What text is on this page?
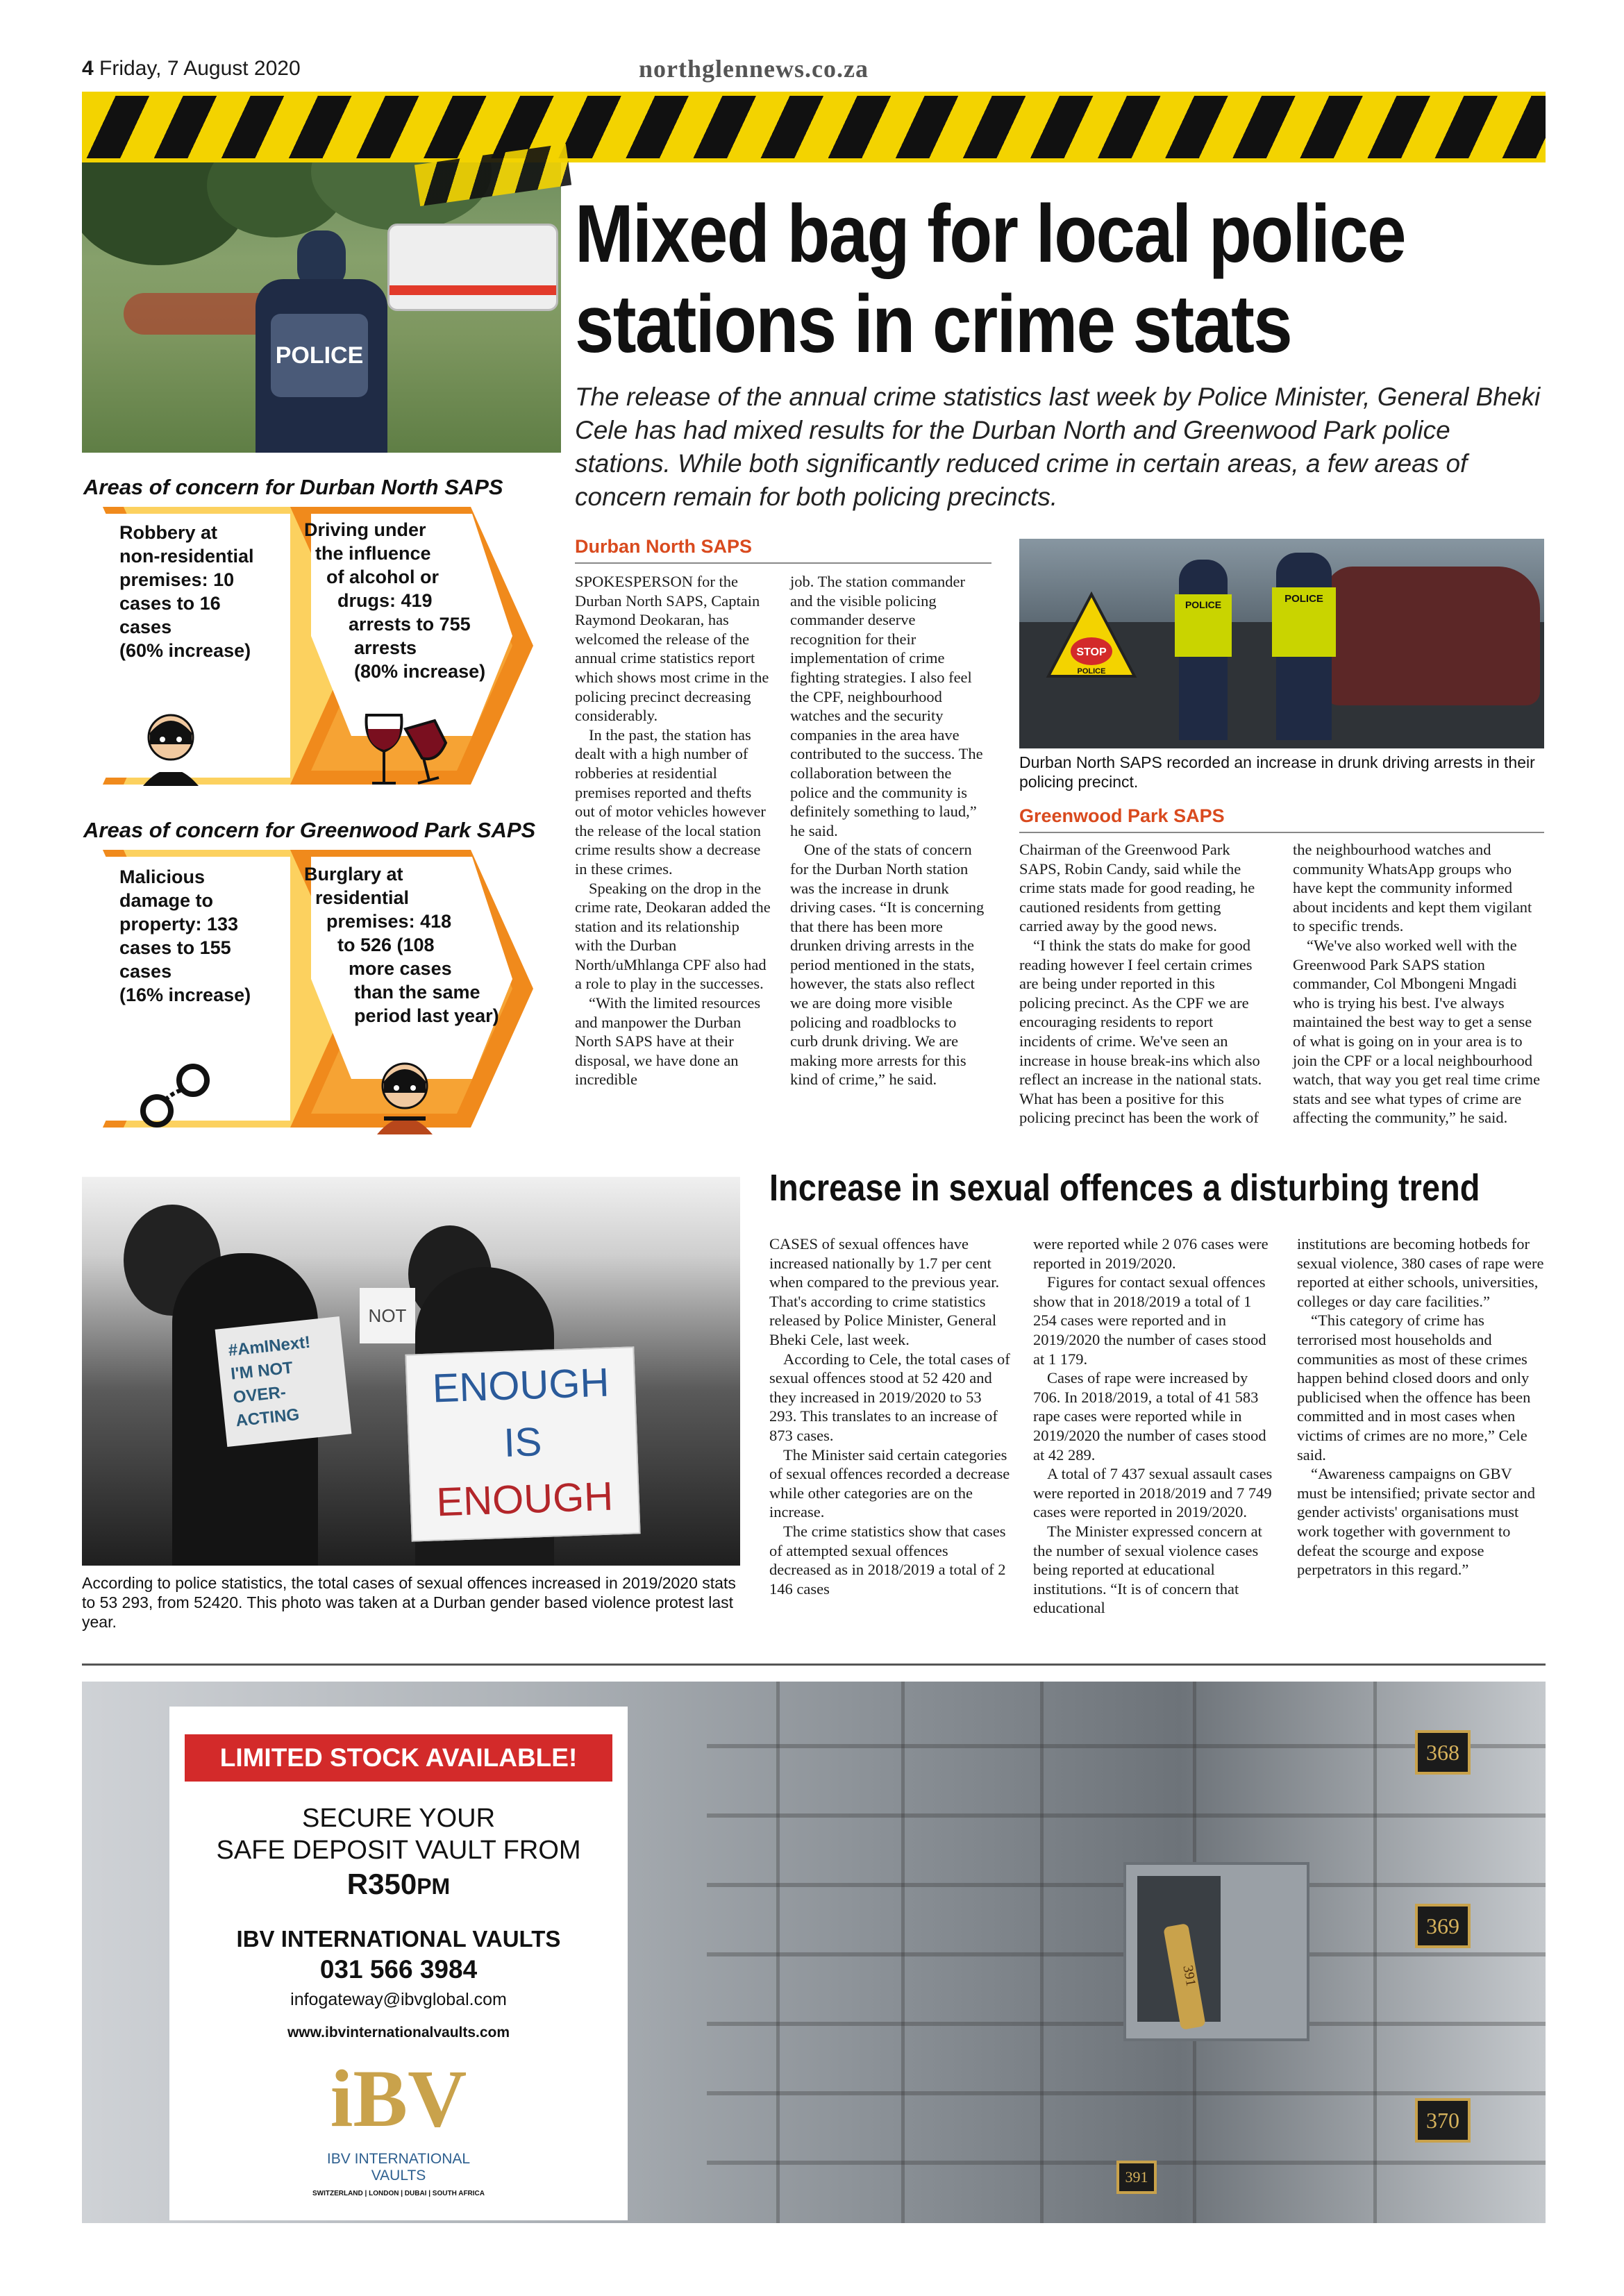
4 Friday, 7 August 2020	northglennews.co.za
POLICE
Mixed bag for local police
stations in crime stats
The release of the annual crime statistics last week by Police Minister, General Bheki Cele has had mixed results for the Durban North and Greenwood Park police stations. While both significantly reduced crime in certain areas, a few areas of concern remain for both policing precincts.
Areas of concern for Durban North SAPS
Robbery at
non-residential
premises: 10
cases to 16
cases
(60% increase)
Driving under
the influence
of alcohol or
drugs: 419
arrests to 755
arrests
(80% increase)
Areas of concern for Greenwood Park SAPS
Malicious
damage to
property: 133
cases to 155
cases
(16% increase)
Burglary at
residential
premises: 418
to 526 (108
more cases
than the same
period last year)
Durban North SAPS

SPOKESPERSON for the Durban North SAPS, Captain Raymond Deokaran, has welcomed the release of the annual crime statistics report which shows most crime in the policing precinct decreasing considerably.

In the past, the station has dealt with a high number of robberies at residential premises reported and thefts out of motor vehicles however the release of the local station crime results show a decrease in these crimes.

Speaking on the drop in the crime rate, Deokaran added the station and its relationship with the Durban North/uMhlanga CPF also had a role to play in the successes.

“With the limited resources and manpower the Durban North SAPS have at their disposal, we have done an incredible

job. The station commander and the visible policing commander deserve recognition for their implementation of crime fighting strategies. I also feel the CPF, neighbourhood watches and the security companies in the area have contributed to the success. The collaboration between the police and the community is definitely something to laud,” he said.

One of the stats of concern for the Durban North station was the increase in drunk driving cases. “It is concerning that there has been more drunken driving arrests in the period mentioned in the stats, however, the stats also reflect we are doing more visible policing and roadblocks to curb drunk driving. We are making more arrests for this kind of crime,” he said.

STOP
POLICE
POLICE	POLICE
Durban North SAPS recorded an increase in drunk driving arrests in their policing precinct.
Greenwood Park SAPS

Chairman of the Greenwood Park SAPS, Robin Candy, said while the crime stats made for good reading, he cautioned residents from getting carried away by the good news.

“I think the stats do make for good reading however I feel certain crimes are being under reported in this policing precinct. As the CPF we are encouraging residents to report incidents of crime. We've seen an increase in house break-ins which also reflect an increase in the national stats. What has been a positive for this policing precinct has been the work of

the neighbourhood watches and community WhatsApp groups who have kept the community informed about incidents and kept them vigilant to specific trends.

“We've also worked well with the Greenwood Park SAPS station commander, Col Mbongeni Mngadi who is trying his best. I've always maintained the best way to get a sense of what is going on in your area is to join the CPF or a local neighbourhood watch, that way you get real time crime stats and see what types of crime are affecting the community,” he said.

#AmINext! I'M NOT OVER-ACTING
NOT
ENOUGH
IS
ENOUGH
According to police statistics, the total cases of sexual offences increased in 2019/2020 stats to 53 293, from 52420. This photo was taken at a Durban gender based violence protest last year.
Increase in sexual offences a disturbing trend

CASES of sexual offences have increased nationally by 1.7 per cent when compared to the previous year. That's according to crime statistics released by Police Minister, General Bheki Cele, last week.

According to Cele, the total cases of sexual offences stood at 52 420 and they increased in 2019/2020 to 53 293. This translates to an increase of 873 cases.

The Minister said certain categories of sexual offences recorded a decrease while other categories are on the increase.

The crime statistics show that cases of attempted sexual offences decreased as in 2018/2019 a total of 2 146 cases

were reported while 2 076 cases were reported in 2019/2020.

Figures for contact sexual offences show that in 2018/2019 a total of 1 254 cases were reported and in 2019/2020 the number of cases stood at 1 179.

Cases of rape were increased by 706. In 2018/2019, a total of 41 583 rape cases were reported while in 2019/2020 the number of cases stood at 42 289.

A total of 7 437 sexual assault cases were reported in 2018/2019 and 7 749 cases were reported in 2019/2020.

The Minister expressed concern at the number of sexual violence cases being reported at educational institutions. “It is of concern that educational

institutions are becoming hotbeds for sexual violence, 380 cases of rape were reported at either schools, universities, colleges or day care facilities.”

“This category of crime has terrorised most households and communities as most of these crimes happen behind closed doors and only publicised when the offence has been committed and in most cases when victims of crimes are no more,” Cele said.

“Awareness campaigns on GBV must be intensified; private sector and gender activists' organisations must work together with government to defeat the scourge and expose perpetrators in this regard.”

391
368
369
370
391
LIMITED STOCK AVAILABLE!
SECURE YOUR
SAFE DEPOSIT VAULT FROM
R350PM
IBV INTERNATIONAL VAULTS
031 566 3984
infogateway@ibvglobal.com
www.ibvinternationalvaults.com
iBV
IBV INTERNATIONAL
VAULTS
SWITZERLAND | LONDON | DUBAI | SOUTH AFRICA
